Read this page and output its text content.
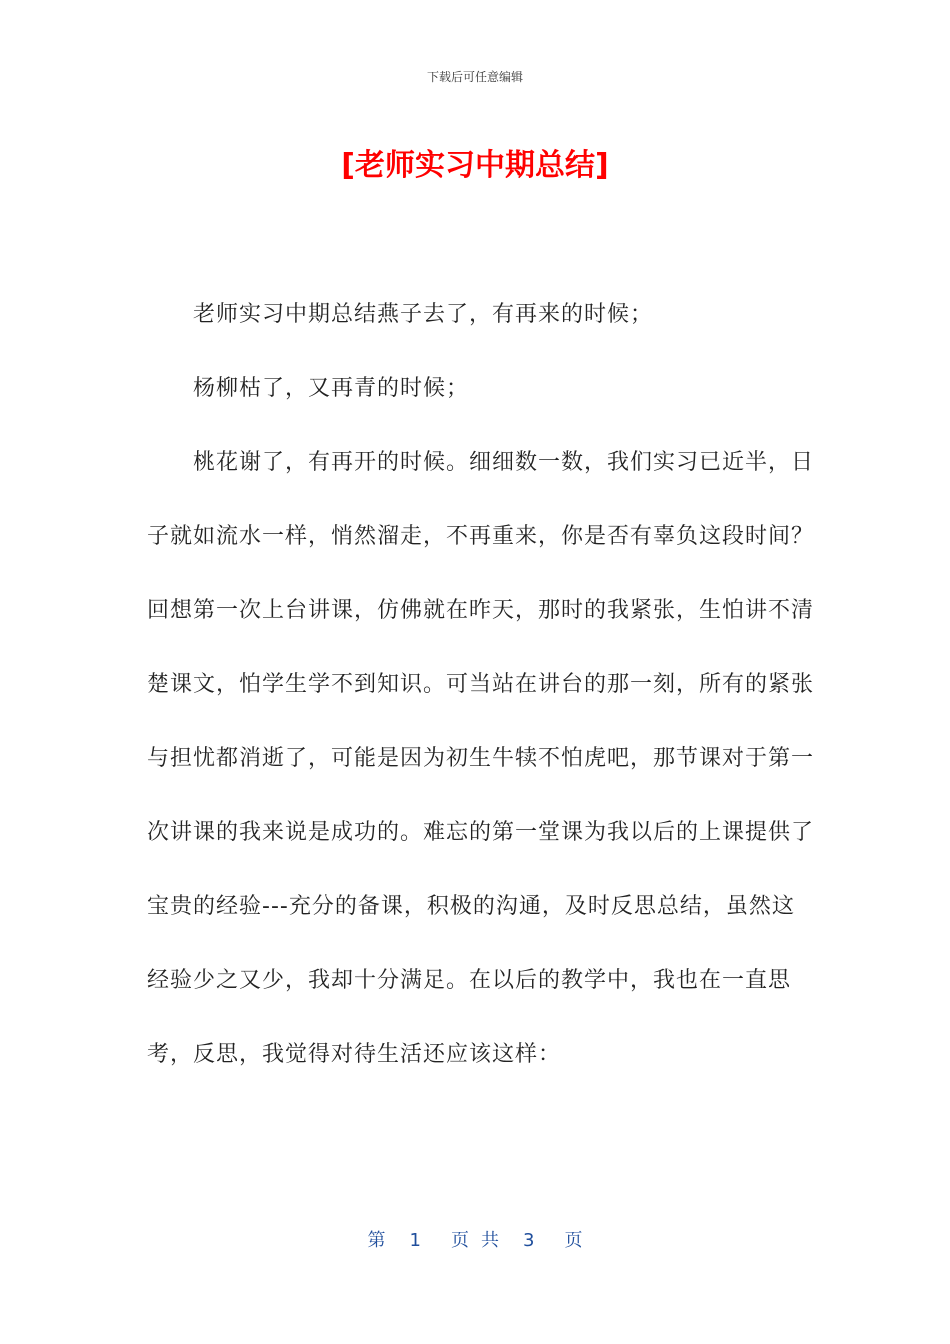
下载后可任意编辑
[老师实习中期总结]

老师实习中期总结燕子去了，有再来的时候；

杨柳枯了，又再青的时候；

桃花谢了，有再开的时候。细细数一数，我们实习已近半，日子就如流水一样，悄然溜走，不再重来，你是否有辜负这段时间？回想第一次上台讲课，仿佛就在昨天，那时的我紧张，生怕讲不清楚课文，怕学生学不到知识。可当站在讲台的那一刻，所有的紧张与担忧都消逝了，可能是因为初生牛犊不怕虎吧，那节课对于第一次讲课的我来说是成功的。难忘的第一堂课为我以后的上课提供了宝贵的经验---充分的备课，积极的沟通，及时反思总结，虽然这经验少之又少，我却十分满足。在以后的教学中，我也在一直思考，反思，我觉得对待生活还应该这样：

第 1 页 共 3 页
